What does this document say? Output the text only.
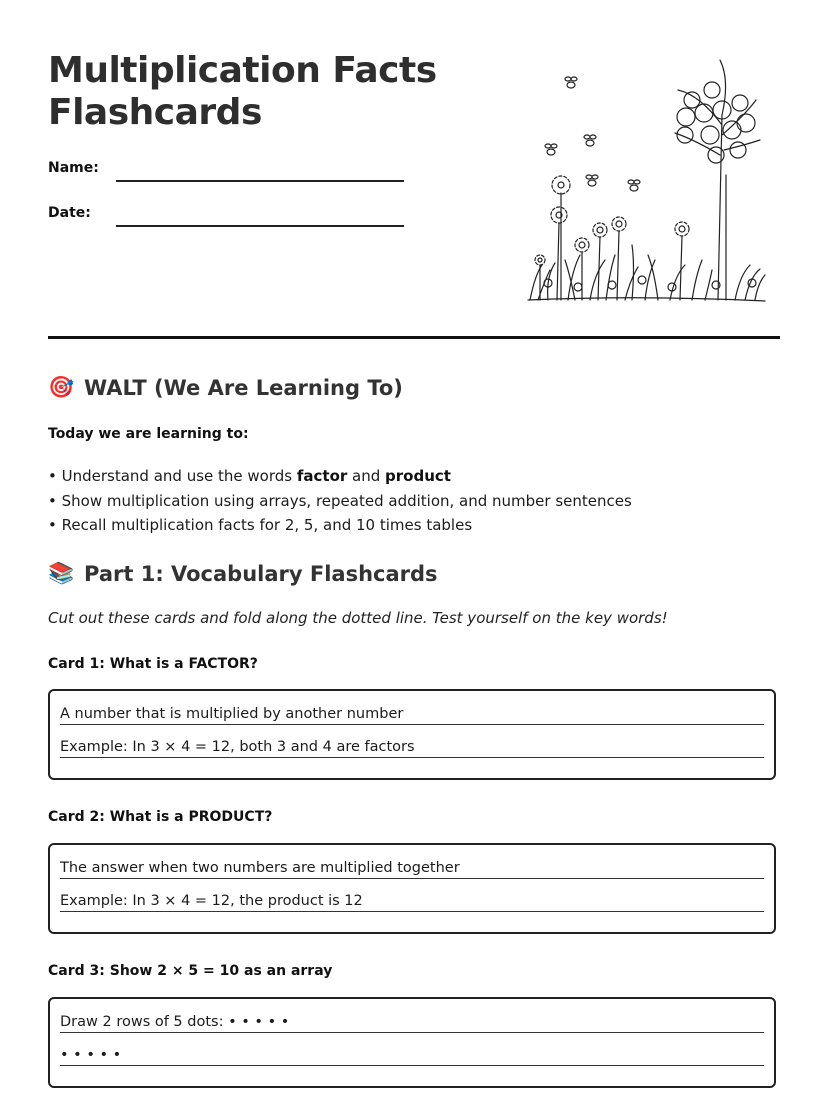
Multiplication Facts
Flashcards
Name:
Date:
🎯 WALT (We Are Learning To)
Today we are learning to:
• Understand and use the words factor and product
• Show multiplication using arrays, repeated addition, and number sentences
• Recall multiplication facts for 2, 5, and 10 times tables
📚 Part 1: Vocabulary Flashcards
Cut out these cards and fold along the dotted line. Test yourself on the key words!
Card 1: What is a FACTOR?
A number that is multiplied by another number
Example: In 3 × 4 = 12, both 3 and 4 are factors
Card 2: What is a PRODUCT?
The answer when two numbers are multiplied together
Example: In 3 × 4 = 12, the product is 12
Card 3: Show 2 × 5 = 10 as an array
Draw 2 rows of 5 dots: • • • • •
• • • • •
